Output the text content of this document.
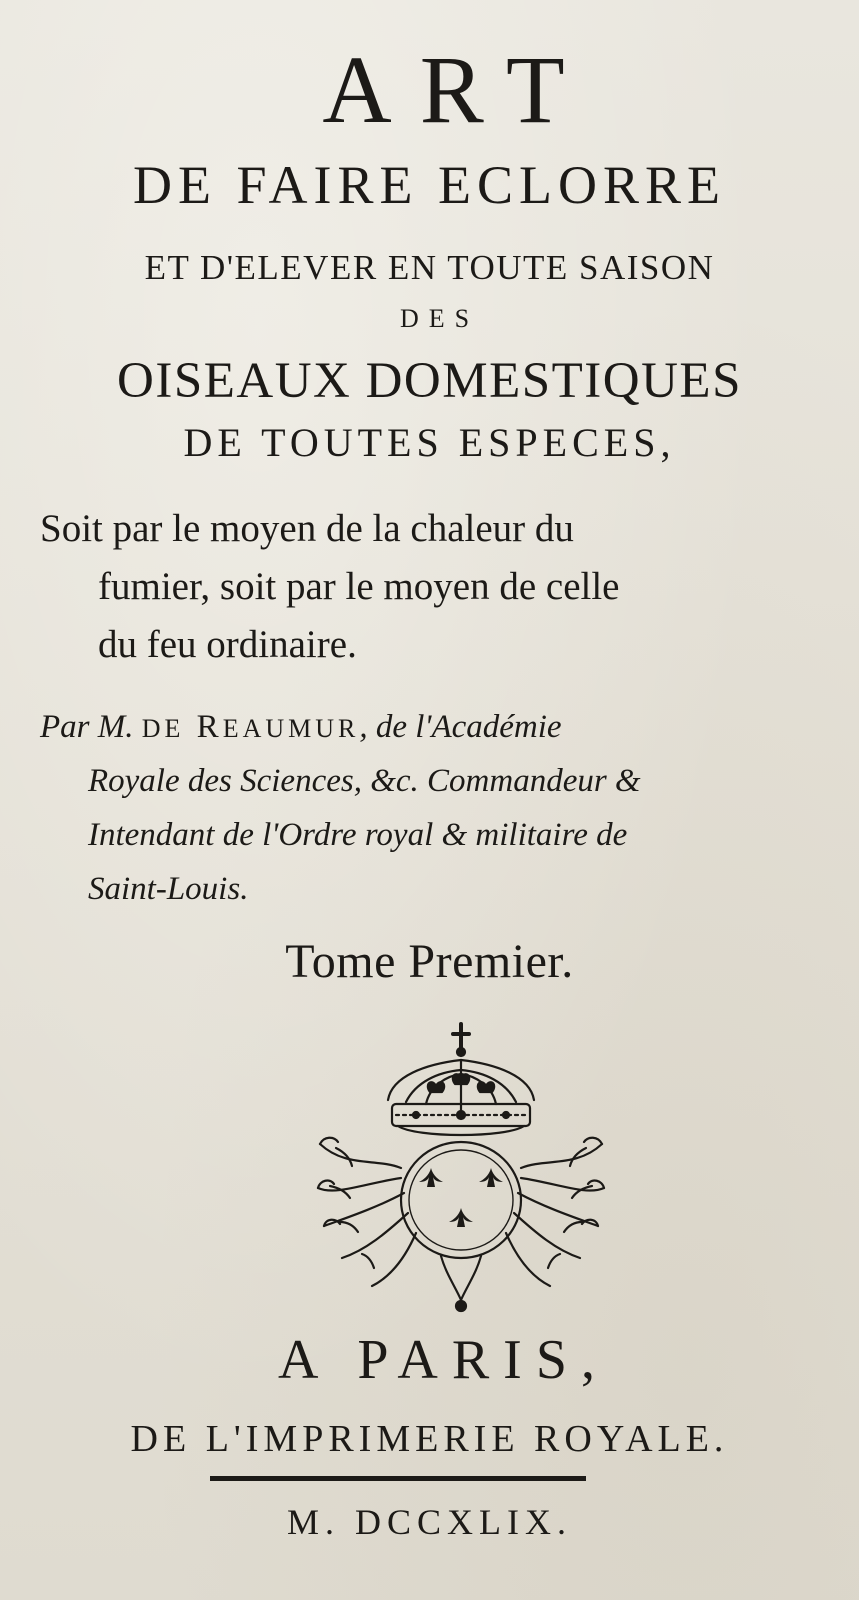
ART
DE FAIRE ECLORRE
ET D'ELEVER EN TOUTE SAISON
DES
OISEAUX DOMESTIQUES
DE TOUTES ESPECES,
Soit par le moyen de la chaleur du
fumier, soit par le moyen de celle
du feu ordinaire.
Par M. DE REAUMUR, de l'Académie
Royale des Sciences, &c. Commandeur &
Intendant de l'Ordre royal & militaire de
Saint-Louis.
Tome Premier.
A PARIS,
DE L'IMPRIMERIE ROYALE.
M. DCCXLIX.
